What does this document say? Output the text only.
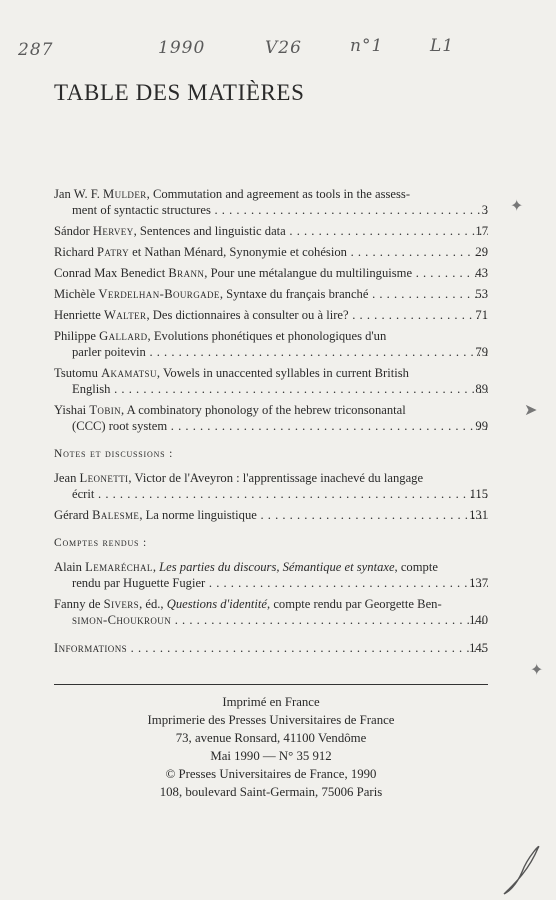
287	1990	V26	n°1	L1
TABLE DES MATIÈRES
Jan W. F. Mulder, Commutation and agreement as tools in the assess-
ment of syntactic structures . . .	3
Sándor Hervey, Sentences and linguistic data . . .	17
Richard Patry et Nathan Ménard, Synonymie et cohésion . . .	29
Conrad Max Benedict Brann, Pour une métalangue du multilinguisme . . .	43
Michèle Verdelhan-Bourgade, Syntaxe du français branché . . .	53
Henriette Walter, Des dictionnaires à consulter ou à lire? . . .	71
Philippe Gallard, Evolutions phonétiques et phonologiques d'un
parler poitevin . . .	79
Tsutomu Akamatsu, Vowels in unaccented syllables in current British
English . . .	89
Yishai Tobin, A combinatory phonology of the hebrew triconsonantal
(CCC) root system . . .	99
Notes et discussions :
Jean Leonetti, Victor de l'Aveyron : l'apprentissage inachevé du langage
écrit . . .	115
Gérard Balesme, La norme linguistique . . .	131
Comptes rendus :
Alain Lemaréchal, Les parties du discours, Sémantique et syntaxe, compte
rendu par Huguette Fugier . . .	137
Fanny de Sivers, éd., Questions d'identité, compte rendu par Georgette Ben-
simon-Choukroun . . .	140
Informations . . .	145
Imprimé en France
Imprimerie des Presses Universitaires de France
73, avenue Ronsard, 41100 Vendôme
Mai 1990 — N° 35 912
© Presses Universitaires de France, 1990
108, boulevard Saint-Germain, 75006 Paris
✦
➤
✦
